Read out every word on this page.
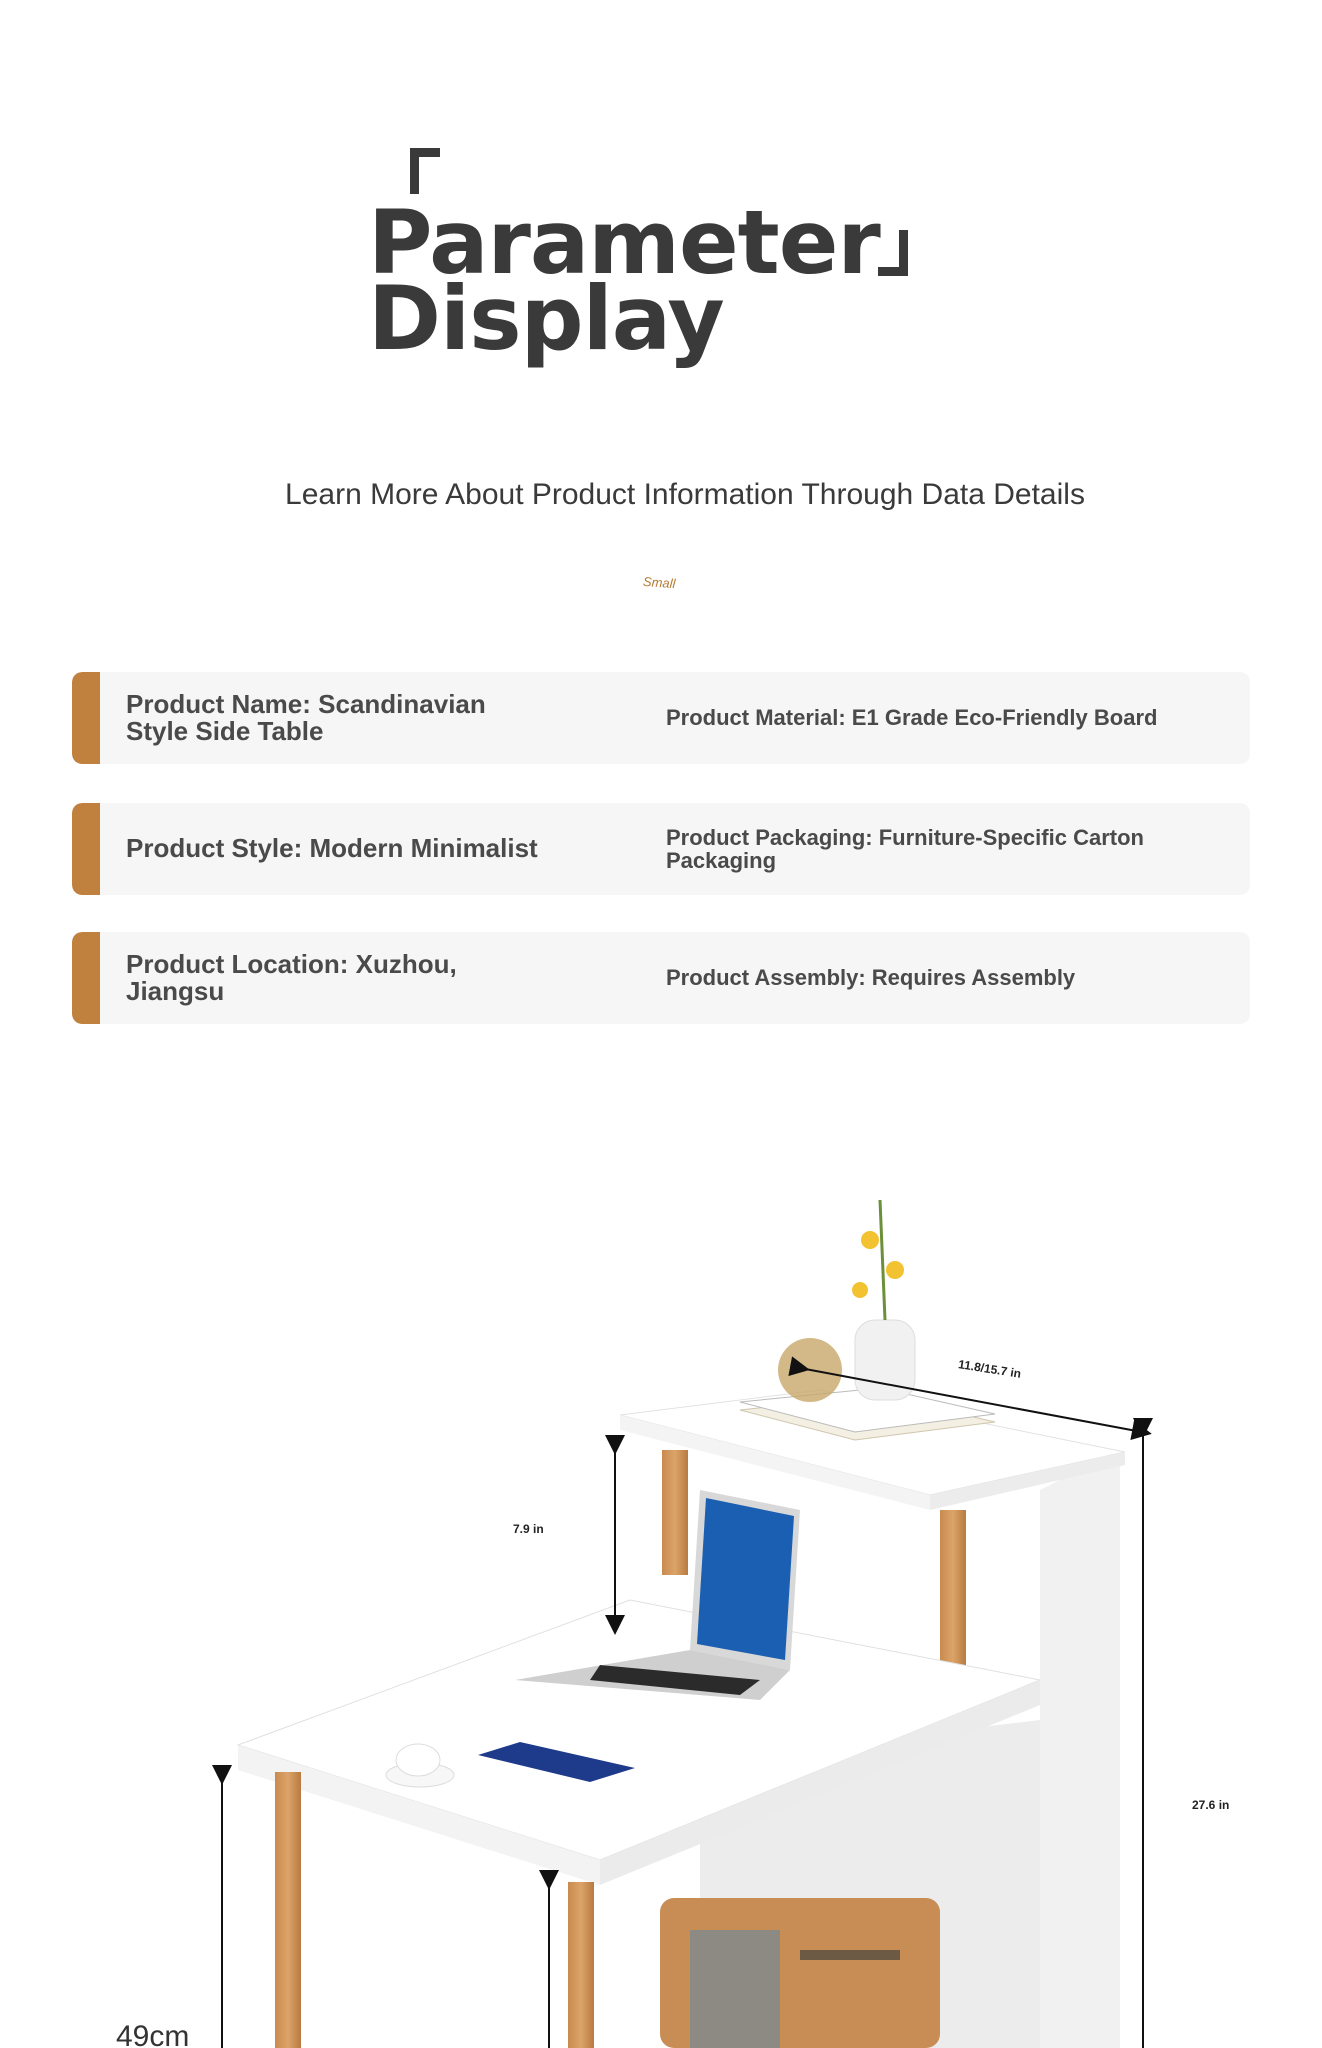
Parameter
Display
Learn More About Product Information Through Data Details
Small
Product Name: Scandinavian Style Side Table	Product Material: E1 Grade Eco-Friendly Board
Product Style: Modern Minimalist	Product Packaging: Furniture-Specific Carton Packaging
Product Location: Xuzhou, Jiangsu	Product Assembly: Requires Assembly
11.8/15.7 in
7.9 in
27.6 in
49cm
